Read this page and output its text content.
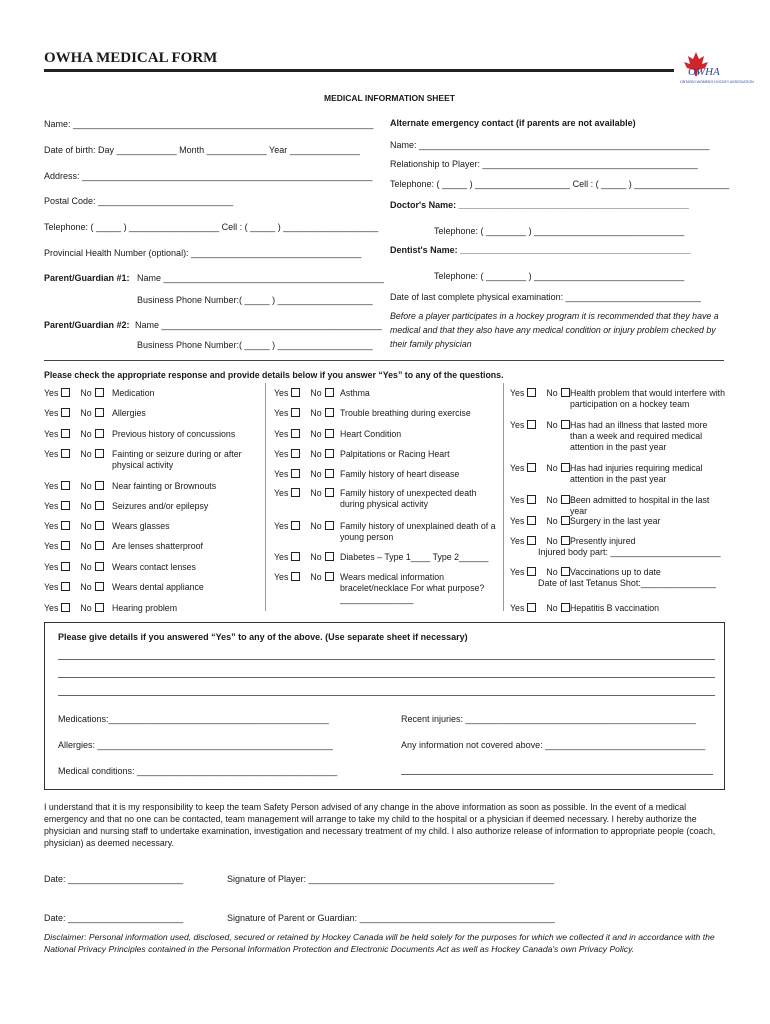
OWHA MEDICAL FORM
OWHA
ONTARIO WOMEN'S HOCKEY ASSOCIATION
MEDICAL INFORMATION SHEET
Name: ____________________________________________________________
Date of birth: Day ____________ Month ____________ Year ______________
Address: __________________________________________________________
Postal Code: ___________________________
Telephone: ( _____ ) __________________ Cell : ( _____ ) ___________________
Provincial Health Number (optional): __________________________________
Parent/Guardian #1: Name ____________________________________________
Business Phone Number:( _____ ) ___________________
Parent/Guardian #2: Name ____________________________________________
Business Phone Number:( _____ ) ___________________
Alternate emergency contact (if parents are not available)
Name: __________________________________________________________
Relationship to Player: ___________________________________________
Telephone: ( _____ ) ___________________ Cell : ( _____ ) ___________________
Doctor's Name: ______________________________________________
Telephone: ( ________ ) ______________________________
Dentist's Name: ______________________________________________
Telephone: ( ________ ) ______________________________
Date of last complete physical examination: ___________________________
Before a player participates in a hockey program it is recommended that they have a medical and that they also have any medical condition or injury problem checked by their family physician
Please check the appropriate response and provide details below if you answer “Yes” to any of the questions.
Yes	No Medication
Yes	No Allergies
Yes	No Previous history of concussions
Yes	No Fainting or seizure during or after physical activity
Yes	No Near fainting or Brownouts
Yes	No Seizures and/or epilepsy
Yes	No Wears glasses
Yes	No Are lenses shatterproof
Yes	No Wears contact lenses
Yes	No Wears dental appliance
Yes	No Hearing problem
Yes	No Asthma
Yes	No Trouble breathing during exercise
Yes	No Heart Condition
Yes	No Palpitations or Racing Heart
Yes	No Family history of heart disease
Yes	No Family history of unexpected death during physical activity
Yes	No Family history of unexplained death of a young person
Yes	No Diabetes – Type 1____ Type 2______
Yes	No Wears medical information bracelet/necklace For what purpose? _______________
Yes	No Health problem that would interfere with participation on a hockey team
Yes	No Has had an illness that lasted more than a week and required medical attention in the past year
Yes	No Has had injuries requiring medical attention in the past year
Yes	No Been admitted to hospital in the last year
Yes	No Surgery in the last year
Yes	No Presently injured
Yes	No Vaccinations up to date
Yes	No Hepatitis B vaccination
Injured body part: ______________________
Date of last Tetanus Shot:_______________
Please give details if you answered “Yes” to any of the above. (Use separate sheet if necessary)
Medications:____________________________________________	Recent injuries: ______________________________________________
Allergies: _______________________________________________	Any information not covered above: ________________________________
Medical conditions: ________________________________________
I understand that it is my responsibility to keep the team Safety Person advised of any change in the above information as soon as possible. In the event of a medical emergency and that no one can be contacted, team management will arrange to take my child to the hospital or a physician if deemed necessary. I hereby authorize the physician and nursing staff to undertake examination, investigation and necessary treatment of my child. I also authorize release of information to appropriate people (coach, physician) as deemed necessary.
Date: _______________________	Signature of Player: _________________________________________________
Date: _______________________	Signature of Parent or Guardian: _______________________________________
Disclaimer: Personal information used, disclosed, secured or retained by Hockey Canada will be held solely for the purposes for which we collected it and in accordance with the National Privacy Principles contained in the Personal Information Protection and Electronic Documents Act as well as Hockey Canada's own Privacy Policy.
